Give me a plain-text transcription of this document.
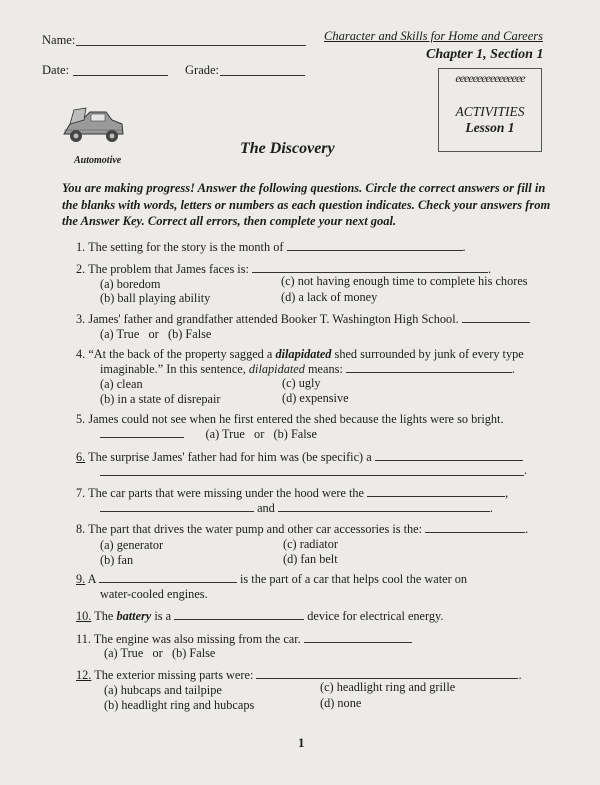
Name:
Date:	Grade:
Character and Skills for Home and Careers
Chapter 1, Section 1
eeeeeeeeeeeeeeee
ACTIVITIES
Lesson 1
Automotive
The Discovery
You are making progress! Answer the following questions. Circle the correct answers or fill in the blanks with words, letters or numbers as each question indicates. Check your answers from the Answer Key. Correct all errors, then complete your next goal.
1. The setting for the story is the month of	.
2. The problem that James faces is:	.
(a) boredom
(b) ball playing ability
(c) not having enough time to complete his chores
(d) a lack of money
3. James' father and grandfather attended Booker T. Washington High School.
(a) True or (b) False
4. “At the back of the property sagged a dilapidated shed surrounded by junk of every type
imaginable.” In this sentence, dilapidated means:	.
(a) clean
(b) in a state of disrepair
(c) ugly
(d) expensive
5. James could not see when he first entered the shed because the lights were so bright.
(a) True or (b) False
6. The surprise James' father had for him was (be specific) a
.
7. The car parts that were missing under the hood were the	,
and	.
8. The part that drives the water pump and other car accessories is the:	.
(a) generator
(b) fan
(c) radiator
(d) fan belt
9. A	is the part of a car that helps cool the water on
water-cooled engines.
10. The battery is a	device for electrical energy.
11. The engine was also missing from the car.
(a) True or (b) False
12. The exterior missing parts were:	.
(a) hubcaps and tailpipe
(b) headlight ring and hubcaps
(c) headlight ring and grille
(d) none
1
